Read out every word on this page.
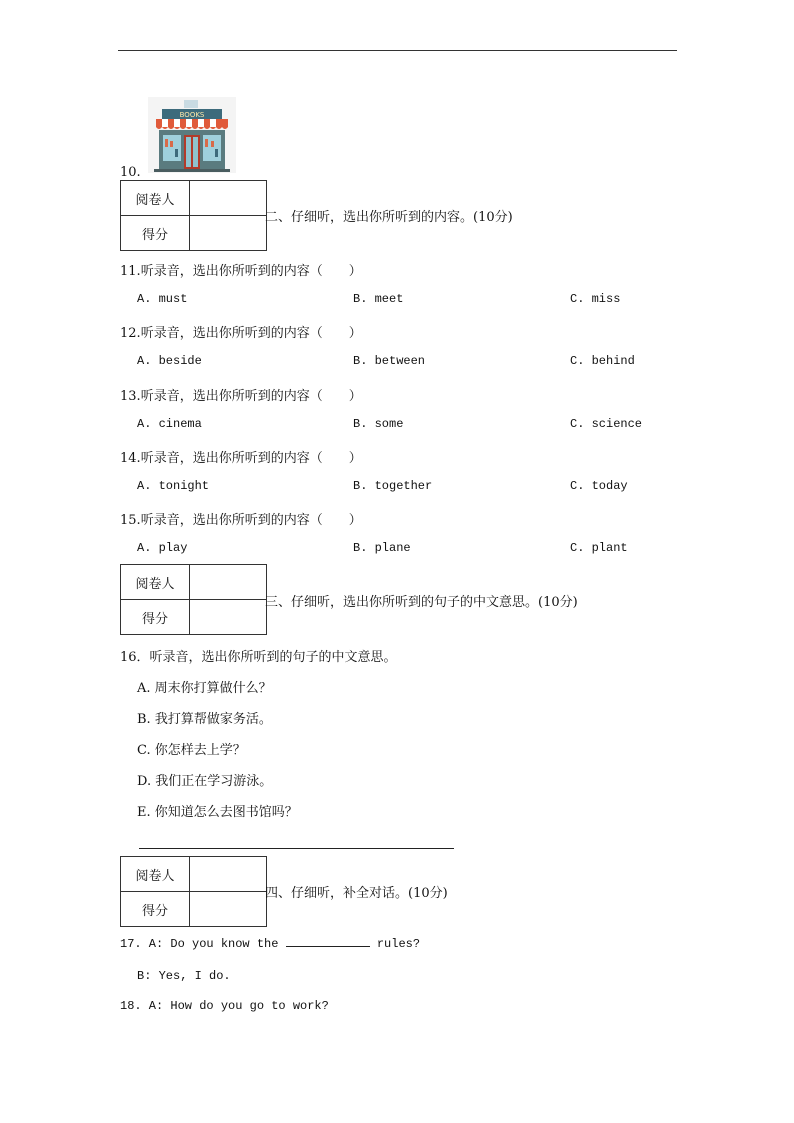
BOOKS
10.
阅卷人	
得分	
二、仔细听，选出你所听到的内容。(10分)
11.听录音，选出你所听到的内容（　　）
A. must	B. meet	C. miss
12.听录音，选出你所听到的内容（　　）
A. beside	B. between	C. behind
13.听录音，选出你所听到的内容（　　）
A. cinema	B. some	C. science
14.听录音，选出你所听到的内容（　　）
A. tonight	B. together	C. today
15.听录音，选出你所听到的内容（　　）
A. play	B. plane	C. plant
阅卷人	
得分	
三、仔细听，选出你所听到的句子的中文意思。(10分)
16．听录音，选出你所听到的句子的中文意思。
A. 周末你打算做什么？
B. 我打算帮做家务活。
C. 你怎样去上学？
D. 我们正在学习游泳。
E. 你知道怎么去图书馆吗？
阅卷人	
得分	
四、仔细听，补全对话。(10分)
17. A: Do you know the	rules?
B: Yes, I do.
18. A: How do you go to work?
